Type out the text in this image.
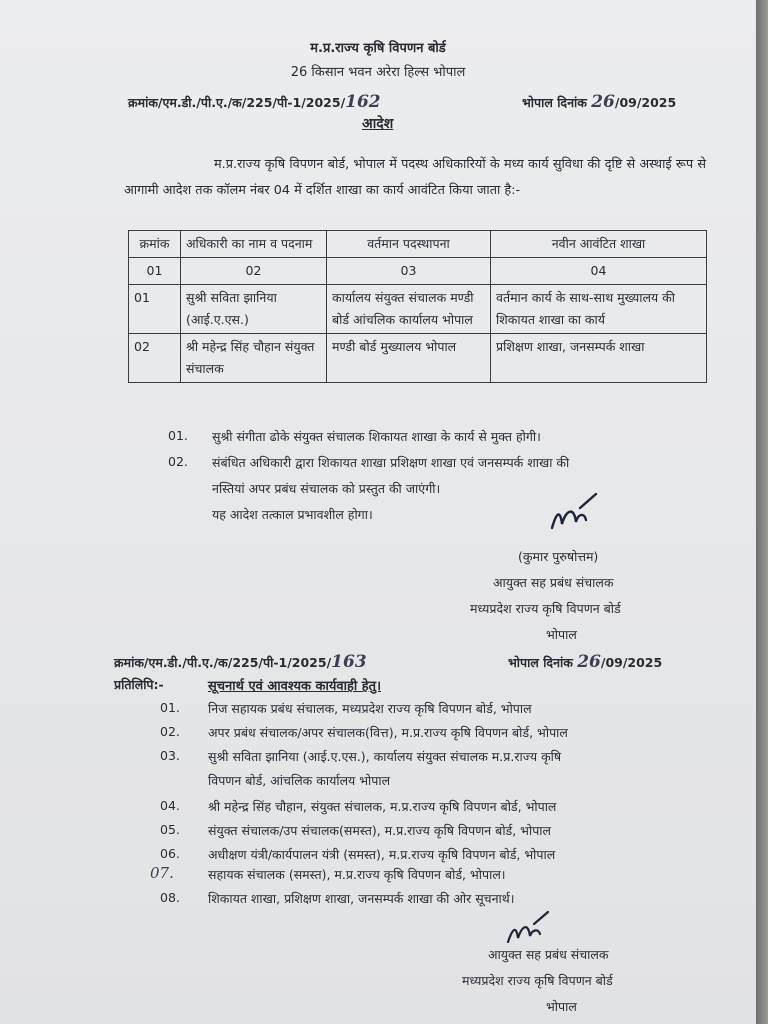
म.प्र.राज्य कृषि विपणन बोर्ड
26 किसान भवन अरेरा हिल्स भोपाल
क्रमांक/एम.डी./पी.ए./क/225/पी-1/2025/162	भोपाल दिनांक 26/09/2025
आदेश
म.प्र.राज्य कृषि विपणन बोर्ड, भोपाल में पदस्थ अधिकारियों के मध्य कार्य सुविधा की दृष्टि से अस्थाई रूप से आगामी आदेश तक कॉलम नंबर 04 में दर्शित शाखा का कार्य आवंटित किया जाता है:-
क्रमांक	अधिकारी का नाम व पदनाम	वर्तमान पदस्थापना	नवीन आवंटित शाखा
01	02	03	04
01	सुश्री सविता झानिया (आई.ए.एस.)	कार्यालय संयुक्त संचालक मण्डी बोर्ड आंचलिक कार्यालय भोपाल	वर्तमान कार्य के साथ-साथ मुख्यालय की शिकायत शाखा का कार्य
02	श्री महेन्द्र सिंह चौहान संयुक्त संचालक	मण्डी बोर्ड मुख्यालय भोपाल	प्रशिक्षण शाखा, जनसम्पर्क शाखा
01. सुश्री संगीता ढोके संयुक्त संचालक शिकायत शाखा के कार्य से मुक्त होगी।
02. संबंधित अधिकारी द्वारा शिकायत शाखा प्रशिक्षण शाखा एवं जनसम्पर्क शाखा की
नस्तियां अपर प्रबंध संचालक को प्रस्तुत की जाएंगी।
यह आदेश तत्काल प्रभावशील होगा।
(कुमार पुरुषोत्तम)
आयुक्त सह प्रबंध संचालक
मध्यप्रदेश राज्य कृषि विपणन बोर्ड
भोपाल
क्रमांक/एम.डी./पी.ए./क/225/पी-1/2025/163	भोपाल दिनांक 26/09/2025
प्रतिलिपि:-	सूचनार्थ एवं आवश्यक कार्यवाही हेतु।
01. निज सहायक प्रबंध संचालक, मध्यप्रदेश राज्य कृषि विपणन बोर्ड, भोपाल
02. अपर प्रबंध संचालक/अपर संचालक(वित्त), म.प्र.राज्य कृषि विपणन बोर्ड, भोपाल
03. सुश्री सविता झानिया (आई.ए.एस.), कार्यालय संयुक्त संचालक म.प्र.राज्य कृषि
विपणन बोर्ड, आंचलिक कार्यालय भोपाल
04. श्री महेन्द्र सिंह चौहान, संयुक्त संचालक, म.प्र.राज्य कृषि विपणन बोर्ड, भोपाल
05. संयुक्त संचालक/उप संचालक(समस्त), म.प्र.राज्य कृषि विपणन बोर्ड, भोपाल
06. अधीक्षण यंत्री/कार्यपालन यंत्री (समस्त), म.प्र.राज्य कृषि विपणन बोर्ड, भोपाल
07.	सहायक संचालक (समस्त), म.प्र.राज्य कृषि विपणन बोर्ड, भोपाल।
08. शिकायत शाखा, प्रशिक्षण शाखा, जनसम्पर्क शाखा की ओर सूचनार्थ।
आयुक्त सह प्रबंध संचालक
मध्यप्रदेश राज्य कृषि विपणन बोर्ड
भोपाल
